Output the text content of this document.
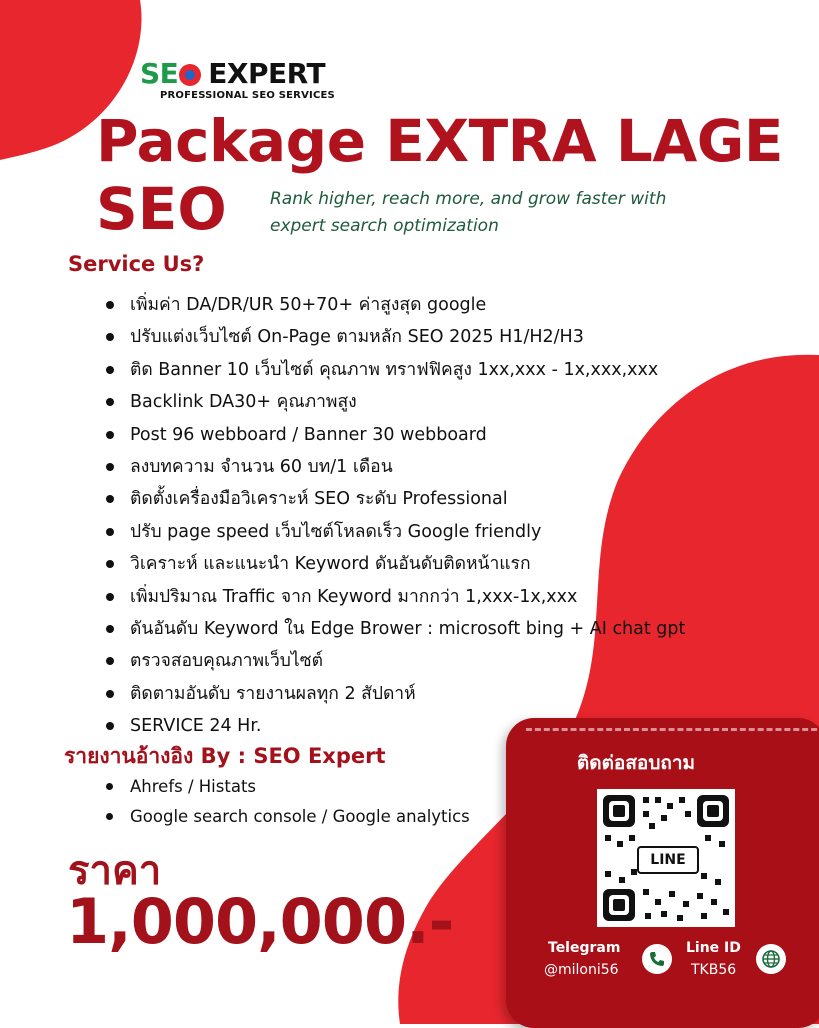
SE EXPERT
PROFESSIONAL SEO SERVICES
Package EXTRA LAGE
SEO	Rank higher, reach more, and grow faster with expert search optimization
Service Us?
เพิ่มค่า DA/DR/UR 50+70+ ค่าสูงสุด google
ปรับแต่งเว็บไซต์ On-Page ตามหลัก SEO 2025 H1/H2/H3
ติด Banner 10 เว็บไซต์ คุณภาพ ทราฟฟิคสูง 1xx,xxx - 1x,xxx,xxx
Backlink DA30+ คุณภาพสูง
Post 96 webboard / Banner 30 webboard
ลงบทความ จำนวน 60 บท/1 เดือน
ติดตั้งเครื่องมือวิเคราะห์ SEO ระดับ Professional
ปรับ page speed เว็บไซต์โหลดเร็ว Google friendly
วิเคราะห์ และแนะนำ Keyword ดันอันดับติดหน้าแรก
เพิ่มปริมาณ Traffic จาก Keyword มากกว่า 1,xxx-1x,xxx
ดันอันดับ Keyword ใน Edge Brower : microsoft bing + AI chat gpt
ตรวจสอบคุณภาพเว็บไซต์
ติดตามอันดับ รายงานผลทุก 2 สัปดาห์
SERVICE 24 Hr.
รายงานอ้างอิง By : SEO Expert
Ahrefs / Histats
Google search console / Google analytics
ราคา
1,000,000.-
ติดต่อสอบถาม
LINE
Telegram
@miloni56
Line ID
TKB56
